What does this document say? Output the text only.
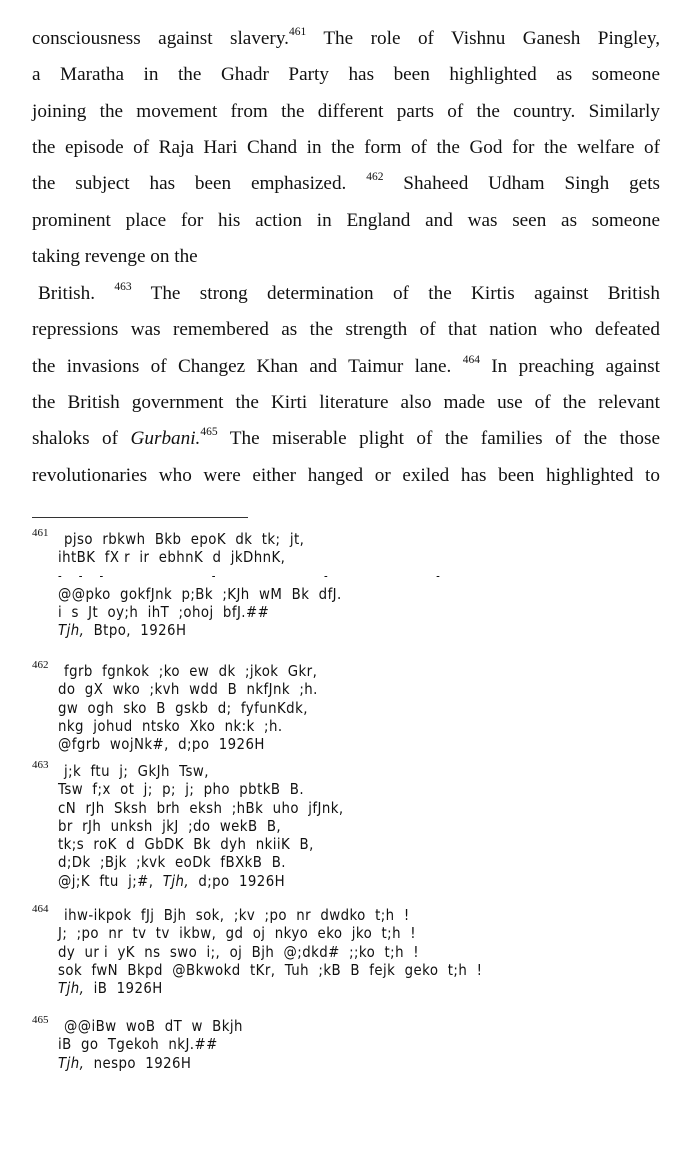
consciousness against slavery.$^{461}$ The role of Vishnu Ganesh Pingley,
a Maratha in the Ghadr Party has been highlighted as someone
joining the movement from the different parts of the country. Similarly
the episode of Raja Hari Chand in the form of the God for the welfare of
the subject has been emphasized. $^{462}$ Shaheed Udham Singh gets
prominent place for his action in England and was seen as someone
taking revenge on the
British. $^{463}$ The strong determination of the Kirtis against British
repressions was remembered as the strength of that nation who defeated
the invasions of Changez Khan and Taimur lane. $^{464}$ In preaching against
the British government the Kirti literature also made use of the relevant
shaloks of Gurbani.$^{465}$ The miserable plight of the families of the those
revolutionaries who were either hanged or exiled has been highlighted to
461 pjso  rbkwh  Bkb  epoK  dk  tk;  jt,
ihtBK  fX r  ir  ebhnK  d  jkDhnK,
- - -          -          -          -
@@pko  gokfJnk  p;Bk  ;KJh  wM  Bk  dfJ.
i  s  Jt  oy;h  ihT  ;ohoj  bfJ.##
Tjh,  Btpo,  1926H
462 fgrb  fgnkok  ;ko  ew  dk  ;jkok  Gkr,
do  gX  wko  ;kvh  wdd  B  nkfJnk  ;h.
gw  ogh  sko  B  gskb  d;  fyfunKdk,
nkg  johud  ntsko  Xko  nk:k  ;h.
@fgrb  wojNk#,  d;po  1926H
463 j;k  ftu  j;  GkJh  Tsw,
Tsw  f;x  ot  j;  p;  j;  pho  pbtkB  B.
cN  rJh  Sksh  brh  eksh  ;hBk  uho  jfJnk,
br  rJh  unksh  jkJ  ;do  wekB  B,
tk;s  roK  d  GbDK  Bk  dyh  nkiiK  B,
d;Dk  ;Bjk  ;kvk  eoDk  fBXkB  B.
@j;K  ftu  j;#,  Tjh,  d;po  1926H
464 ihw-ikpok  fJj  Bjh  sok,  ;kv  ;po  nr  dwdko  t;h  !
J;  ;po  nr  tv  tv  ikbw,  gd  oj  nkyo  eko  jko  t;h  !
dy  ur i  yK  ns  swo  i;,  oj  Bjh  @;dkd#  ;;ko  t;h  !
sok  fwN  Bkpd  @Bkwokd  tKr,  Tuh  ;kB  B  fejk  geko  t;h  !
Tjh,  iB  1926H
465 @@iBw  woB  dT  w  Bkjh
iB  go  Tgekoh  nkJ.##
Tjh,  nespo  1926H
